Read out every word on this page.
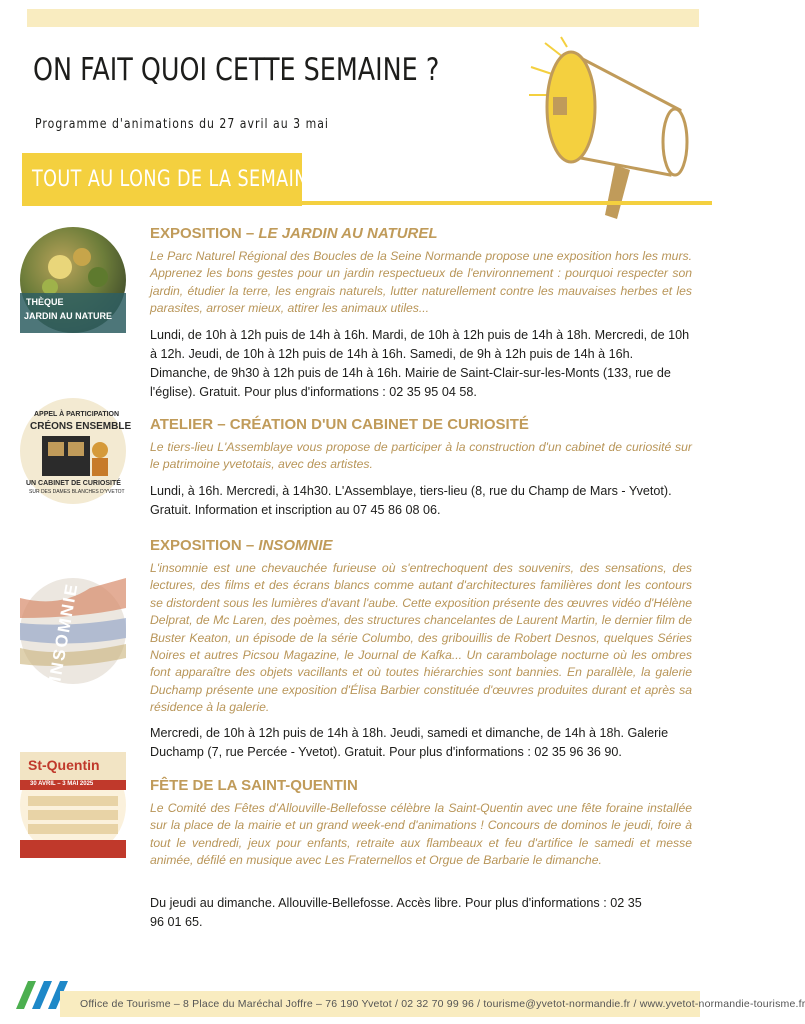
ON FAIT QUOI CETTE SEMAINE ?
Programme d'animations du 27 avril au 3 mai
TOUT AU LONG DE LA SEMAINE
THÈQUE
JARDIN AU NATURE
EXPOSITION – LE JARDIN AU NATUREL
Le Parc Naturel Régional des Boucles de la Seine Normande propose une exposition hors les murs. Apprenez les bons gestes pour un jardin respectueux de l'environnement : pourquoi respecter son jardin, étudier la terre, les engrais naturels, lutter naturellement contre les mauvaises herbes et les parasites, arroser mieux, attirer les animaux utiles...
Lundi, de 10h à 12h puis de 14h à 16h. Mardi, de 10h à 12h puis de 14h à 18h. Mercredi, de 10h à 12h. Jeudi, de 10h à 12h puis de 14h à 16h. Samedi, de 9h à 12h puis de 14h à 16h. Dimanche, de 9h30 à 12h puis de 14h à 16h. Mairie de Saint-Clair-sur-les-Monts (133, rue de l'église). Gratuit. Pour plus d'informations : 02 35 95 04 58.
APPEL À PARTICIPATION
CRÉONS ENSEMBLE
UN CABINET DE CURIOSITÉ
SUR DES DAMES BLANCHES D'YVETOT
ATELIER – CRÉATION D'UN CABINET DE CURIOSITÉ
Le tiers-lieu L'Assemblaye vous propose de participer à la construction d'un cabinet de curiosité sur le patrimoine yvetotais, avec des artistes.
Lundi, à 16h. Mercredi, à 14h30. L'Assemblaye, tiers-lieu (8, rue du Champ de Mars - Yvetot). Gratuit. Information et inscription au 07 45 86 08 06.
INSOMNIE
EXPOSITION – INSOMNIE
L'insomnie est une chevauchée furieuse où s'entrechoquent des souvenirs, des sensations, des lectures, des films et des écrans blancs comme autant d'architectures familières dont les contours se distordent sous les lumières d'avant l'aube. Cette exposition présente des œuvres vidéo d'Hélène Delprat, de Mc Laren, des poèmes, des structures chancelantes de Laurent Martin, le dernier film de Buster Keaton, un épisode de la série Columbo, des gribouillis de Robert Desnos, quelques Séries Noires et autres Picsou Magazine, le Journal de Kafka... Un carambolage nocturne où les ombres font apparaître des objets vacillants et où toutes hiérarchies sont bannies. En parallèle, la galerie Duchamp présente une exposition d'Élisa Barbier constituée d'œuvres produites durant et après sa résidence à la galerie.
Mercredi, de 10h à 12h puis de 14h à 18h. Jeudi, samedi et dimanche, de 14h à 18h. Galerie Duchamp (7, rue Percée - Yvetot). Gratuit. Pour plus d'informations : 02 35 96 36 90.
St-Quentin
30 AVRIL – 3 MAI 2025	FÊTE DE LA SAINT-QUENTIN
Le Comité des Fêtes d'Allouville-Bellefosse célèbre la Saint-Quentin avec une fête foraine installée sur la place de la mairie et un grand week-end d'animations ! Concours de dominos le jeudi, foire à tout le vendredi, jeux pour enfants, retraite aux flambeaux et feu d'artifice le samedi et messe animée, défilé en musique avec Les Fraternellos et Orgue de Barbarie le dimanche.
Du jeudi au dimanche. Allouville-Bellefosse. Accès libre. Pour plus d'informations : 02 35 96 01 65.
Office de Tourisme – 8 Place du Maréchal Joffre – 76 190 Yvetot / 02 32 70 99 96 / tourisme@yvetot-normandie.fr / www.yvetot-normandie-tourisme.fr
